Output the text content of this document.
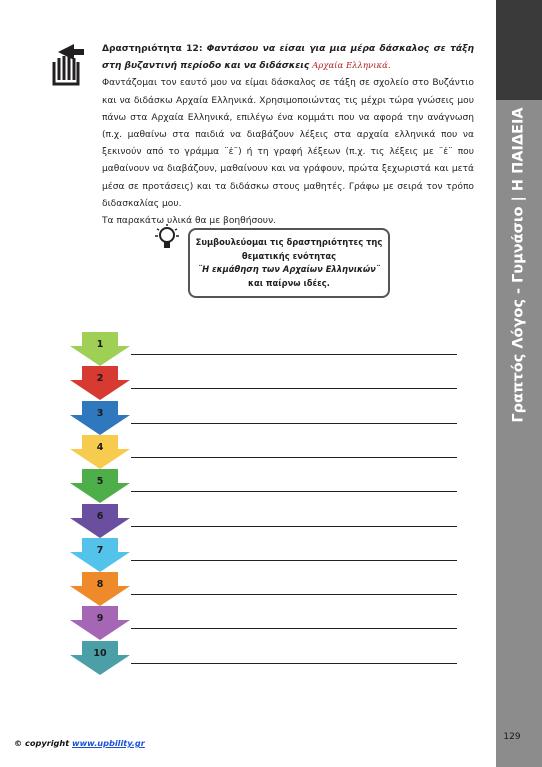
Γραπτός Λόγος - Γυμνάσιο | Η ΠΑΙΔΕΙΑ
129

Δραστηριότητα 12: Φαντάσου να είσαι για μια μέρα δάσκαλος σε τάξη στη βυζαντινή περίοδο και να διδάσκεις Αρχαία Ελληνικά.

Φαντάζομαι τον εαυτό μου να είμαι δάσκαλος σε τάξη σε σχολείο στο Βυζάντιο και να διδάσκω Αρχαία Ελληνικά. Χρησιμοποιώντας τις μέχρι τώρα γνώσεις μου πάνω στα Αρχαία Ελληνικά, επιλέγω ένα κομμάτι που να αφορά την ανάγνωση (π.χ. μαθαίνω στα παιδιά να διαβάζουν λέξεις στα αρχαία ελληνικά που να ξεκινούν από το γράμμα ¨ἐ¨) ή τη γραφή λέξεων (π.χ. τις λέξεις με ¨ἐ¨ που μαθαίνουν να διαβάζουν, μαθαίνουν και να γράφουν, πρώτα ξεχωριστά και μετά μέσα σε προτάσεις) και τα διδάσκω στους μαθητές. Γράφω με σειρά τον τρόπο διδασκαλίας μου.

Τα παρακάτω υλικά θα με βοηθήσουν.

Συμβουλεύομαι τις δραστηριότητες της
θεματικής ενότητας
¨Η εκμάθηση των Αρχαίων Ελληνικών¨
και παίρνω ιδέες.
1
2
3
4
5
6
7
8
9
10
© copyright www.upbility.gr
